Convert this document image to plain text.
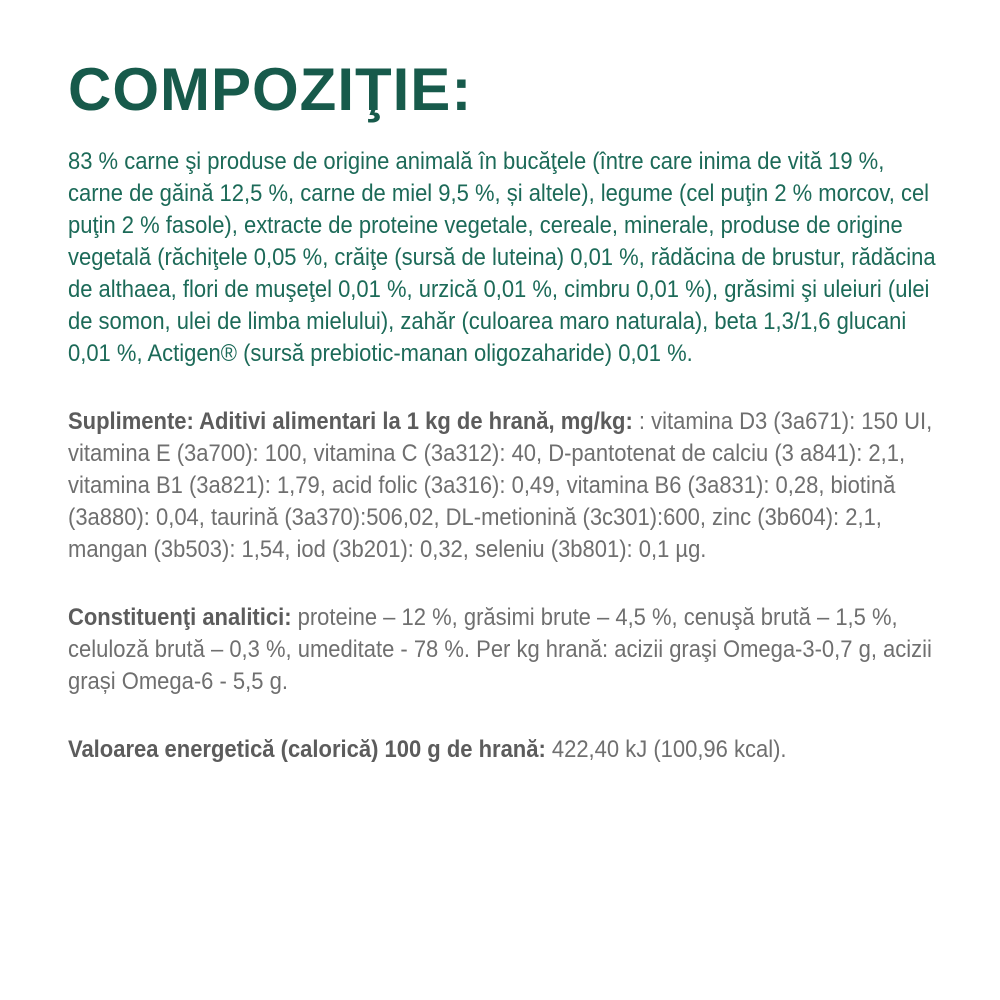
COMPOZIŢIE:

83 % carne şi produse de origine animală în bucăţele (între care inima de vită 19 %, carne de găină 12,5 %, carne de miel 9,5 %, și altele), legume (cel puţin 2 % morcov, cel puţin 2 % fasole), extracte de proteine vegetale, cereale, minerale, produse de origine vegetală (răchiţele 0,05 %, crăiţe (sursă de luteina) 0,01 %, rădăcina de brustur, rădăcina de althaea, flori de muşeţel 0,01 %, urzică 0,01 %, cimbru 0,01 %), grăsimi şi uleiuri (ulei de somon, ulei de limba mielului), zahăr (culoarea maro naturala), beta 1,3/1,6 glucani 0,01 %, Actigen® (sursă prebiotic-manan oligozaharide) 0,01 %.

Suplimente: Aditivi alimentari la 1 kg de hrană, mg/kg: : vitamina D3 (3a671): 150 UI, vitamina E (3a700): 100, vitamina C (3a312): 40, D-pantotenat de calciu (3 a841): 2,1, vitamina B1 (3a821): 1,79, acid folic (3a316): 0,49, vitamina B6 (3a831): 0,28, biotină (3a880): 0,04, taurină (3a370):506,02, DL-metionină (3c301):600, zinc (3b604): 2,1, mangan (3b503): 1,54, iod (3b201): 0,32, seleniu (3b801): 0,1 µg.

Constituenţi analitici: proteine – 12 %, grăsimi brute – 4,5 %, cenuşă brută – 1,5 %, celuloză brută – 0,3 %, umeditate - 78 %. Per kg hrană: acizii graşi Omega-3-0,7 g, acizii grași Omega-6 - 5,5 g.

Valoarea energetică (calorică) 100 g de hrană: 422,40 kJ (100,96 kcal).
